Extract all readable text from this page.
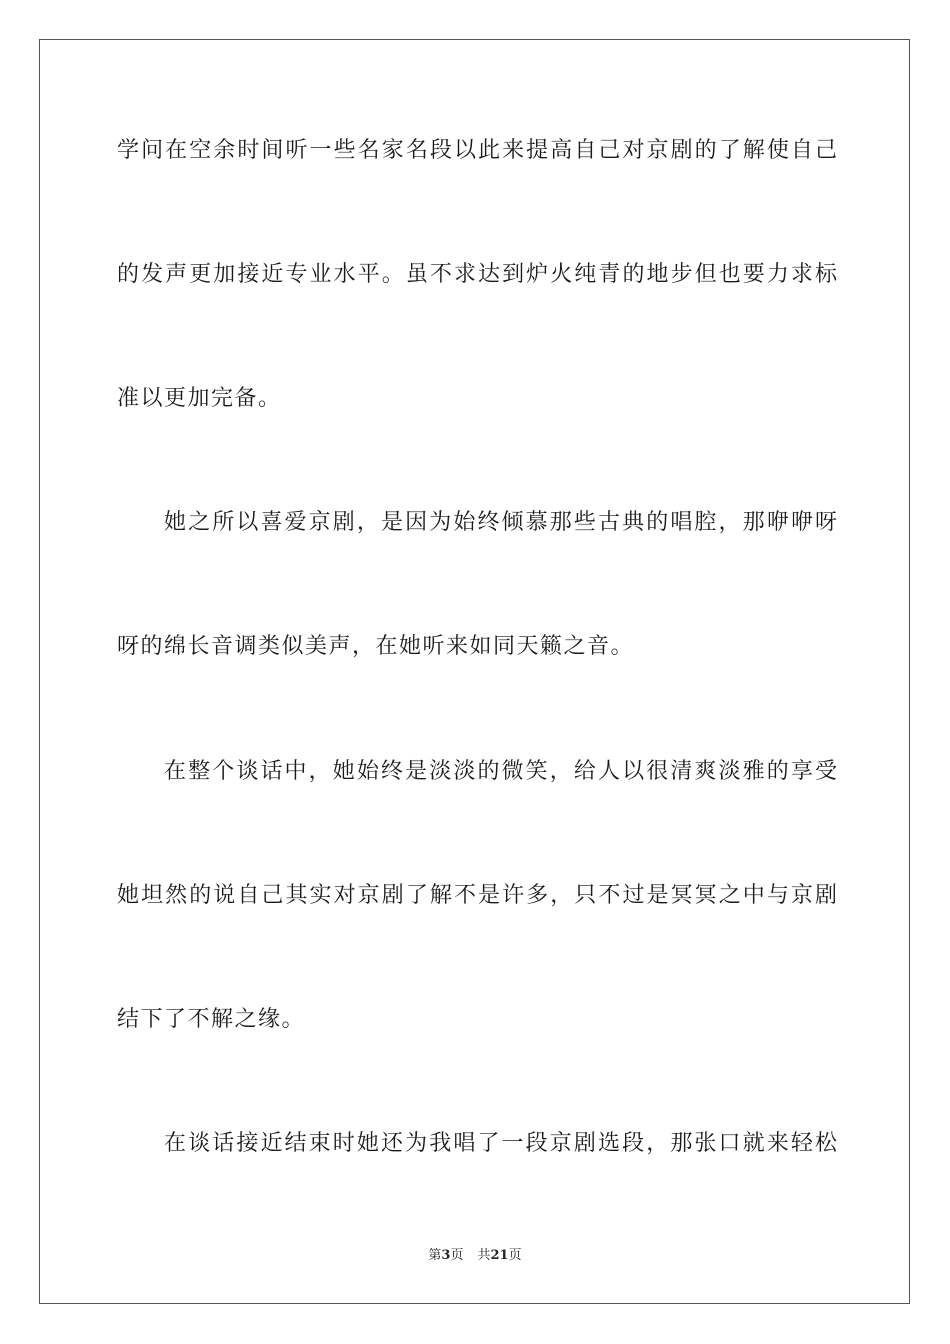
学问在空余时间听一些名家名段以此来提高自己对京剧的了解使自己
的发声更加接近专业水平。虽不求达到炉火纯青的地步但也要力求标
准以更加完备。
她之所以喜爱京剧，是因为始终倾慕那些古典的唱腔，那咿咿呀
呀的绵长音调类似美声，在她听来如同天籁之音。
在整个谈话中，她始终是淡淡的微笑，给人以很清爽淡雅的享受
她坦然的说自己其实对京剧了解不是许多，只不过是冥冥之中与京剧
结下了不解之缘。
在谈话接近结束时她还为我唱了一段京剧选段，那张口就来轻松
第3页 共21页
